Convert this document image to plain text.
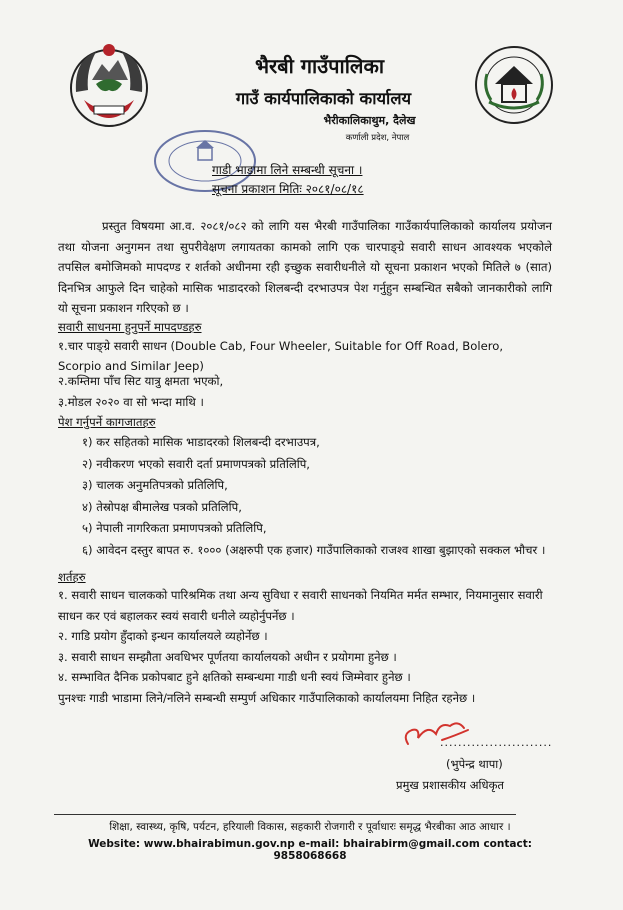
भैरबी गाउँपालिका
गाउँ कार्यपालिकाको कार्यालय
भैरीकालिकाथुम, दैलेख
कर्णाली प्रदेश, नेपाल
गाडी भाडामा लिने सम्बन्धी सूचना ।
सूचना प्रकाशन मितिः २०८१/०८/१८
प्रस्तुत विषयमा आ.व. २०८१/०८२ को लागि यस भैरबी गाउँपालिका गाउँकार्यपालिकाको कार्यालय प्रयोजन तथा योजना अनुगमन तथा सुपरीवेक्षण लगायतका कामको लागि एक चारपाङ्ग्रे सवारी साधन आवश्यक भएकोले तपसिल बमोजिमको मापदण्ड र शर्तको अधीनमा रही इच्छुक सवारीधनीले यो सूचना प्रकाशन भएको मितिले ७ (सात) दिनभित्र आफुले दिन चाहेको मासिक भाडादरको शिलबन्दी दरभाउपत्र पेश गर्नुहुन सम्बन्धित सबैको जानकारीको लागि यो सूचना प्रकाशन गरिएको छ ।
सवारी साधनमा हुनुपर्ने मापदण्डहरु
१.चार पाङ्ग्रे सवारी साधन (Double Cab, Four Wheeler, Suitable for Off Road, Bolero, Scorpio and Similar Jeep)
२.कम्तिमा पाँच सिट यात्रु क्षमता भएको,
३.मोडल २०२० वा सो भन्दा माथि ।
पेश गर्नुपर्ने कागजातहरु
१) कर सहितको मासिक भाडादरको शिलबन्दी दरभाउपत्र,
२) नवीकरण भएको सवारी दर्ता प्रमाणपत्रको प्रतिलिपि,
३) चालक अनुमतिपत्रको प्रतिलिपि,
४) तेस्रोपक्ष बीमालेख पत्रको प्रतिलिपि,
५) नेपाली नागरिकता प्रमाणपत्रको प्रतिलिपि,
६) आवेदन दस्तुर बापत रु. १००० (अक्षरुपी एक हजार) गाउँपालिकाको राजश्व शाखा बुझाएको सक्कल भौचर ।
शर्तहरु
१. सवारी साधन चालकको पारिश्रमिक तथा अन्य सुविधा र सवारी साधनको नियमित मर्मत सम्भार, नियमानुसार सवारी साधन कर एवं बहालकर स्वयं सवारी धनीले व्यहोर्नुपर्नेछ ।
२. गाडि प्रयोग हुँदाको इन्धन कार्यालयले व्यहोर्नेछ ।
३. सवारी साधन सम्झौता अवधिभर पूर्णतया कार्यालयको अधीन र प्रयोगमा हुनेछ ।
४. सम्भावित दैनिक प्रकोपबाट हुने क्षतिको सम्बन्धमा गाडी धनी स्वयं जिम्मेवार हुनेछ ।
पुनश्चः गाडी भाडामा लिने/नलिने सम्बन्धी सम्पुर्ण अधिकार गाउँपालिकाको कार्यालयमा निहित रहनेछ ।
.........................
(भुपेन्द्र थापा)
प्रमुख प्रशासकीय अधिकृत
शिक्षा, स्वास्थ्य, कृषि, पर्यटन, हरियाली विकास, सहकारी रोजगारी र पूर्वाधारः समृद्ध भैरबीका आठ आधार ।
Website: www.bhairabimun.gov.np e-mail: bhairabirm@gmail.com contact: 9858068668
